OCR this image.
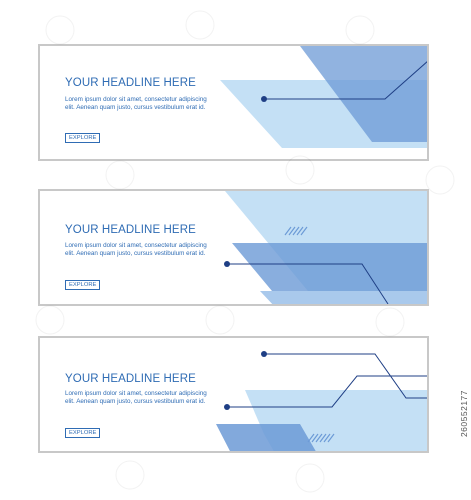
YOUR HEADLINE HERE
Lorem ipsum dolor sit amet, consectetur adipiscing elit. Aenean quam justo, cursus vestibulum erat id.
EXPLORE
YOUR HEADLINE HERE
Lorem ipsum dolor sit amet, consectetur adipiscing elit. Aenean quam justo, cursus vestibulum erat id.
EXPLORE
YOUR HEADLINE HERE
Lorem ipsum dolor sit amet, consectetur adipiscing elit. Aenean quam justo, cursus vestibulum erat id.
EXPLORE	260552177
